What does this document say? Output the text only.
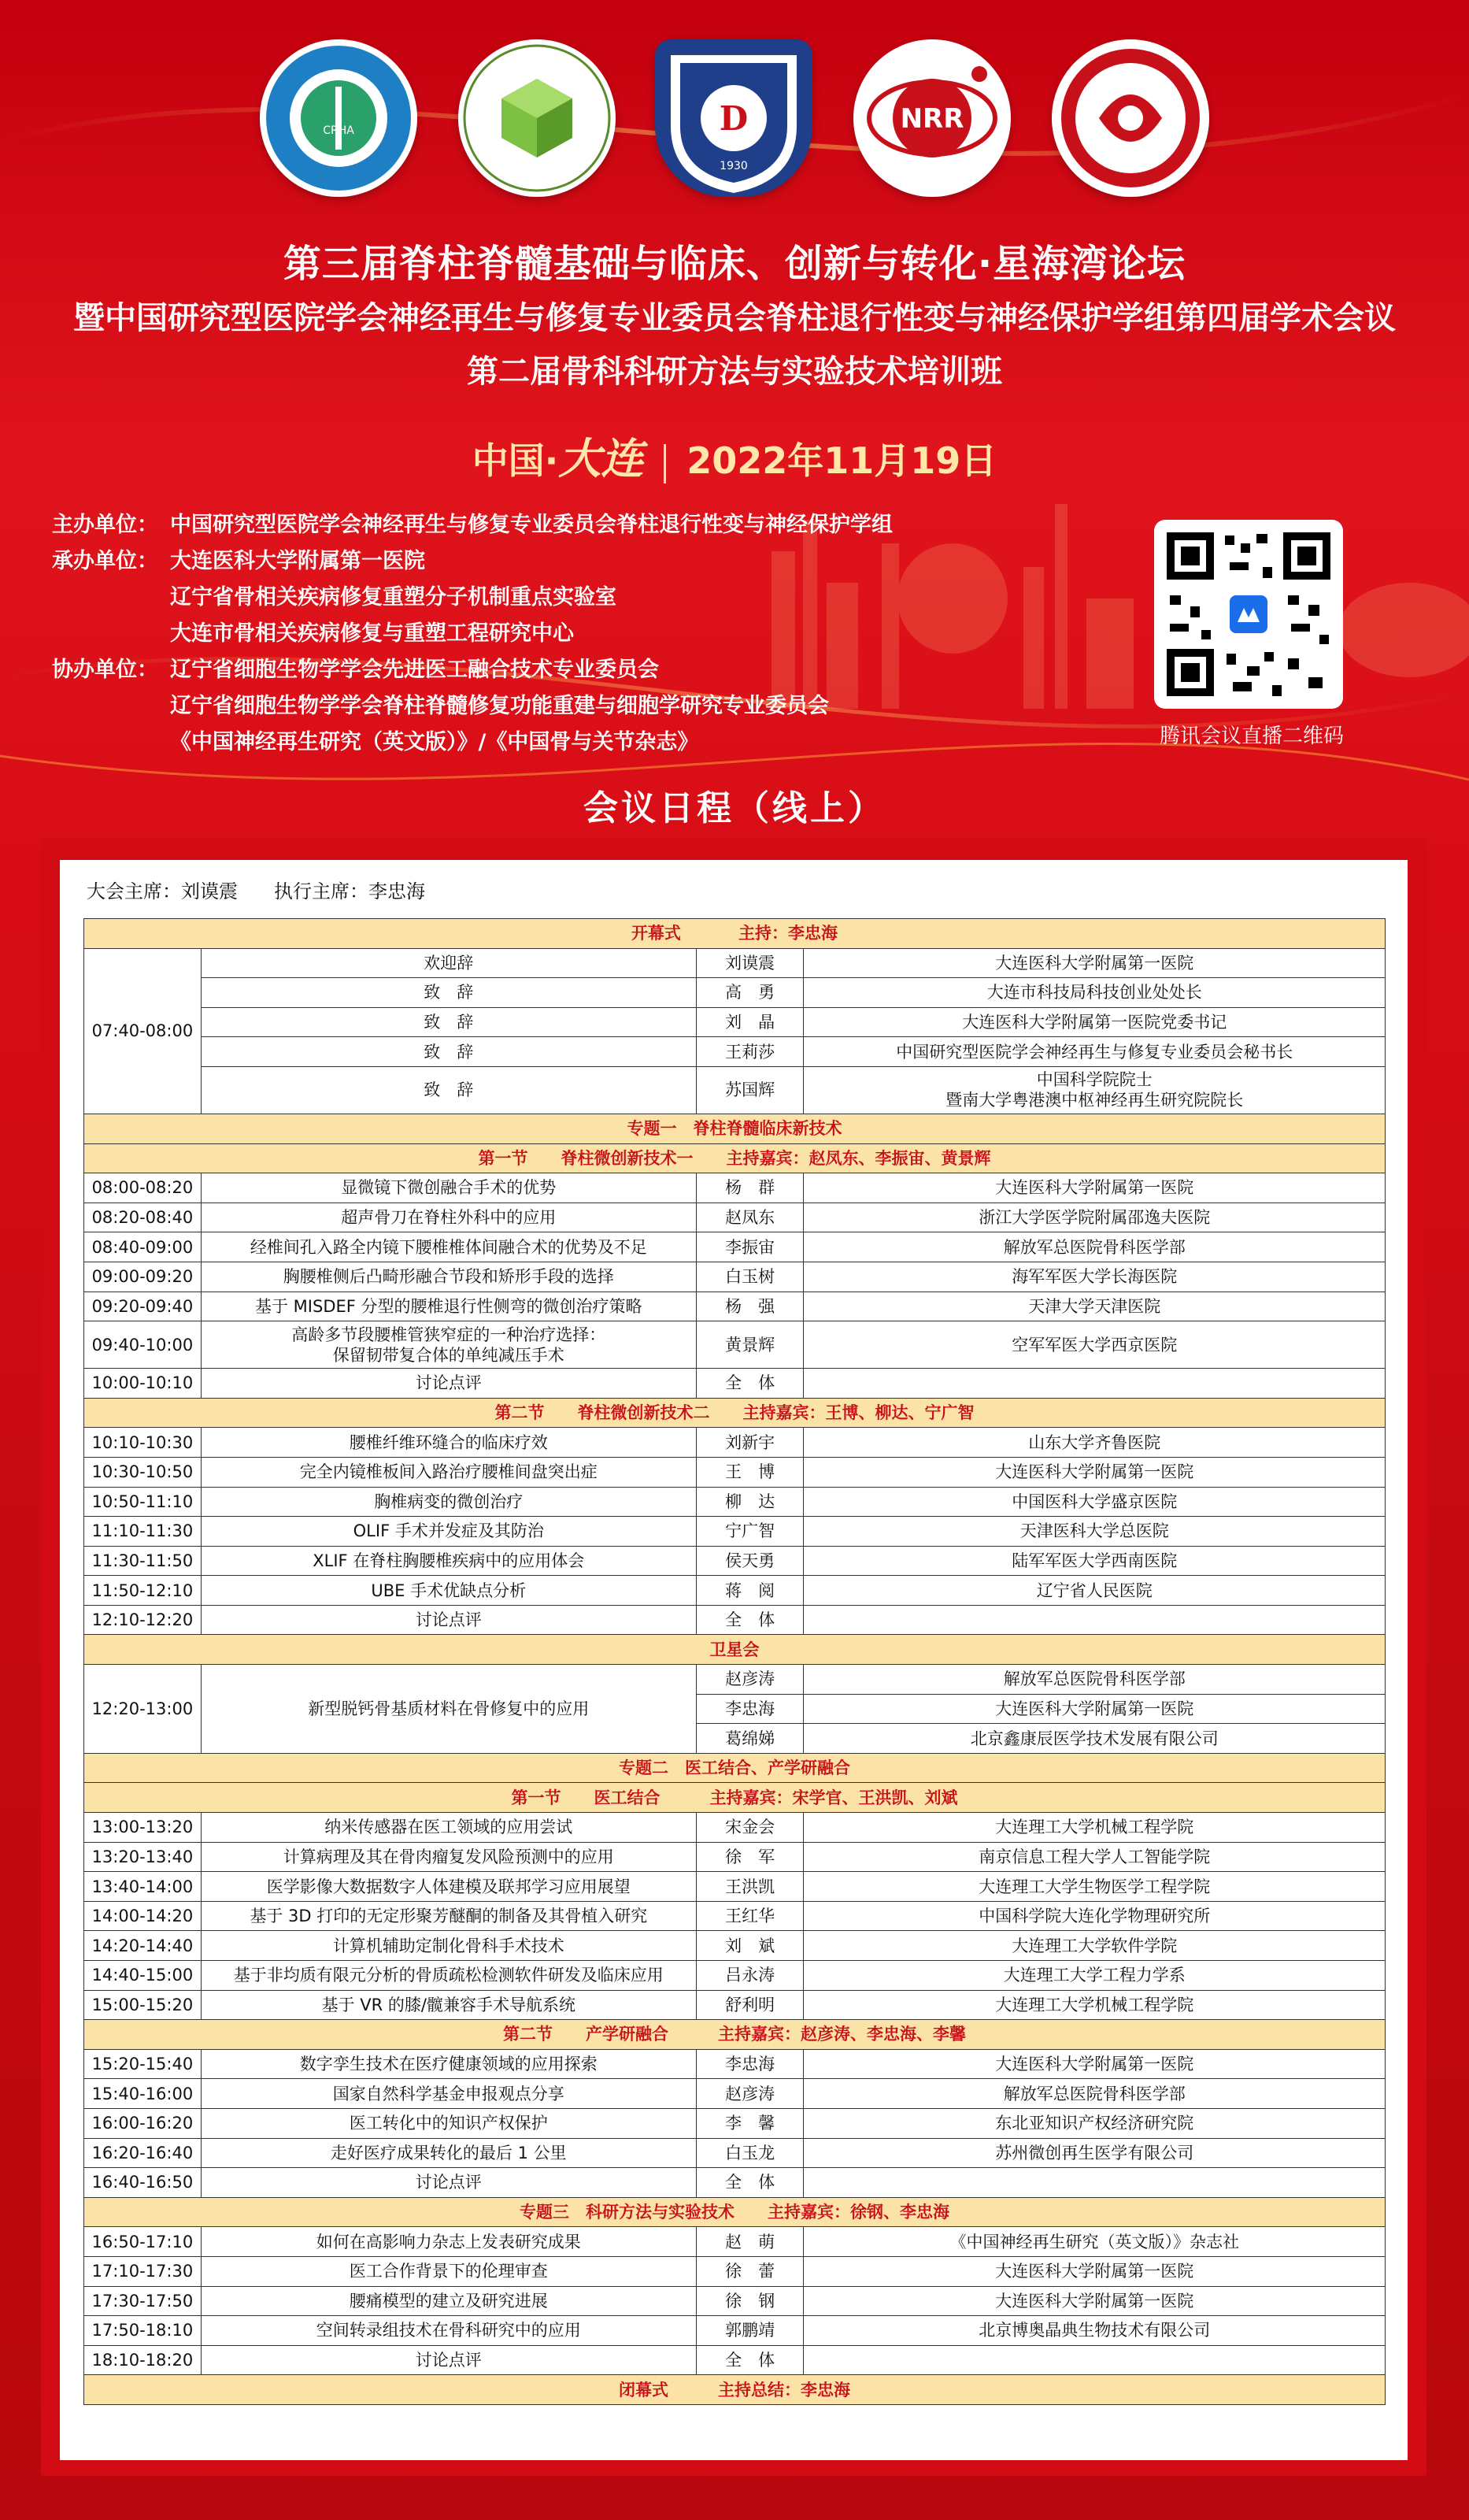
CRHA	D
1930
NRR
第三届脊柱脊髓基础与临床、创新与转化·星海湾论坛
暨中国研究型医院学会神经再生与修复专业委员会脊柱退行性变与神经保护学组第四届学术会议
第二届骨科科研方法与实验技术培训班
中国·大连 2022年11月19日
主办单位： 中国研究型医院学会神经再生与修复专业委员会脊柱退行性变与神经保护学组
承办单位： 大连医科大学附属第一医院
辽宁省骨相关疾病修复重塑分子机制重点实验室
大连市骨相关疾病修复与重塑工程研究中心
协办单位： 辽宁省细胞生物学学会先进医工融合技术专业委员会
辽宁省细胞生物学学会脊柱脊髓修复功能重建与细胞学研究专业委员会
《中国神经再生研究（英文版）》/《中国骨与关节杂志》	腾讯会议直播二维码
会议日程（线上）
大会主席：刘谟震 执行主席：李忠海
开幕式          主持：李忠海			
07:40-08:00	欢迎辞	刘谟震	大连医科大学附属第一医院
	致　辞	高　勇	大连市科技局科技创业处处长
	致　辞	刘　晶	大连医科大学附属第一医院党委书记
	致　辞	王莉莎	中国研究型医院学会神经再生与修复专业委员会秘书长
	致　辞	苏国辉	中国科学院院士
暨南大学粤港澳中枢神经再生研究院院长

专题一　脊柱脊髓临床新技术			
第一节　　脊柱微创新技术一　　主持嘉宾：赵凤东、李振宙、黄景辉			
08:00-08:20	显微镜下微创融合手术的优势	杨　群	大连医科大学附属第一医院
08:20-08:40	超声骨刀在脊柱外科中的应用	赵凤东	浙江大学医学院附属邵逸夫医院
08:40-09:00	经椎间孔入路全内镜下腰椎椎体间融合术的优势及不足	李振宙	解放军总医院骨科医学部
09:00-09:20	胸腰椎侧后凸畸形融合节段和矫形手段的选择	白玉树	海军军医大学长海医院
09:20-09:40	基于 MISDEF 分型的腰椎退行性侧弯的微创治疗策略	杨　强	天津大学天津医院
09:40-10:00	高龄多节段腰椎管狭窄症的一种治疗选择：
保留韧带复合体的单纯减压手术	黄景辉	空军军医大学西京医院
10:00-10:10	讨论点评	全　体	
第二节　　脊柱微创新技术二　　主持嘉宾：王博、柳达、宁广智			
10:10-10:30	腰椎纤维环缝合的临床疗效	刘新宇	山东大学齐鲁医院
10:30-10:50	完全内镜椎板间入路治疗腰椎间盘突出症	王　博	大连医科大学附属第一医院
10:50-11:10	胸椎病变的微创治疗	柳　达	中国医科大学盛京医院
11:10-11:30	OLIF 手术并发症及其防治	宁广智	天津医科大学总医院
11:30-11:50	XLIF 在脊柱胸腰椎疾病中的应用体会	侯天勇	陆军军医大学西南医院
11:50-12:10	UBE 手术优缺点分析	蒋　阅	辽宁省人民医院
12:10-12:20	讨论点评	全　体	
卫星会			
12:20-13:00	新型脱钙骨基质材料在骨修复中的应用	赵彦涛	解放军总医院骨科医学部
		李忠海	大连医科大学附属第一医院
		葛绵娣	北京鑫康辰医学技术发展有限公司
专题二　医工结合、产学研融合			
第一节　　医工结合　　　主持嘉宾：宋学官、王洪凯、刘斌			
13:00-13:20	纳米传感器在医工领域的应用尝试	宋金会	大连理工大学机械工程学院
13:20-13:40	计算病理及其在骨肉瘤复发风险预测中的应用	徐　军	南京信息工程大学人工智能学院
13:40-14:00	医学影像大数据数字人体建模及联邦学习应用展望	王洪凯	大连理工大学生物医学工程学院
14:00-14:20	基于 3D 打印的无定形聚芳醚酮的制备及其骨植入研究	王红华	中国科学院大连化学物理研究所
14:20-14:40	计算机辅助定制化骨科手术技术	刘　斌	大连理工大学软件学院
14:40-15:00	基于非均质有限元分析的骨质疏松检测软件研发及临床应用	吕永涛	大连理工大学工程力学系
15:00-15:20	基于 VR 的膝/髋兼容手术导航系统	舒利明	大连理工大学机械工程学院
第二节　　产学研融合　　　主持嘉宾：赵彦涛、李忠海、李馨			
15:20-15:40	数字孪生技术在医疗健康领域的应用探索	李忠海	大连医科大学附属第一医院
15:40-16:00	国家自然科学基金申报观点分享	赵彦涛	解放军总医院骨科医学部
16:00-16:20	医工转化中的知识产权保护	李　馨	东北亚知识产权经济研究院
16:20-16:40	走好医疗成果转化的最后 1 公里	白玉龙	苏州微创再生医学有限公司
16:40-16:50	讨论点评	全　体	
专题三　科研方法与实验技术　　主持嘉宾：徐钢、李忠海			
16:50-17:10	如何在高影响力杂志上发表研究成果	赵　萌	《中国神经再生研究（英文版）》杂志社
17:10-17:30	医工合作背景下的伦理审查	徐　蕾	大连医科大学附属第一医院
17:30-17:50	腰痛模型的建立及研究进展	徐　钢	大连医科大学附属第一医院
17:50-18:10	空间转录组技术在骨科研究中的应用	郭鹏靖	北京博奥晶典生物技术有限公司
18:10-18:20	讨论点评	全　体	
闭幕式　　　主持总结：李忠海			
